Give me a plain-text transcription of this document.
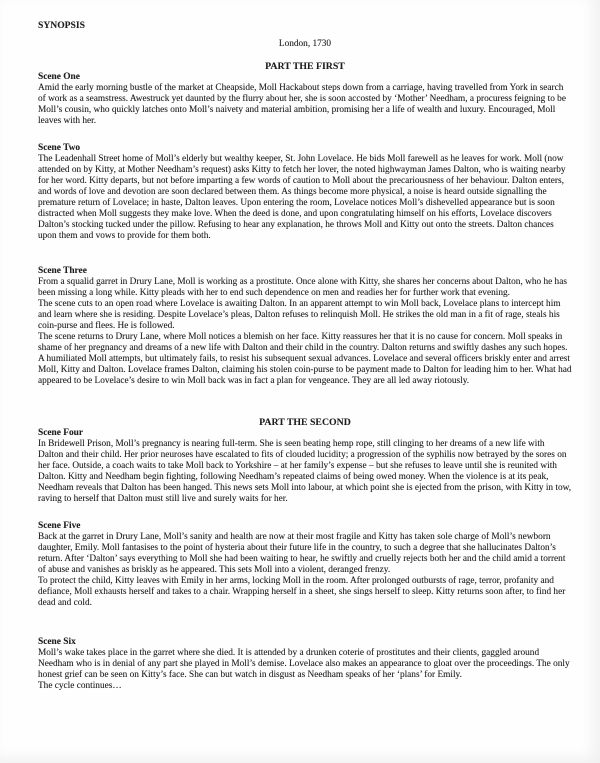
SYNOPSIS
London, 1730
PART THE FIRST
Scene One

Amid the early morning bustle of the market at Cheapside, Moll Hackabout steps down from a carriage, having travelled from York in search of work as a seamstress. Awestruck yet daunted by the flurry about her, she is soon accosted by ‘Mother’ Needham, a procuress feigning to be Moll’s cousin, who quickly latches onto Moll’s naivety and material ambition, promising her a life of wealth and luxury. Encouraged, Moll leaves with her.

Scene Two

The Leadenhall Street home of Moll’s elderly but wealthy keeper, St. John Lovelace. He bids Moll farewell as he leaves for work. Moll (now attended on by Kitty, at Mother Needham’s request) asks Kitty to fetch her lover, the noted highwayman James Dalton, who is waiting nearby for her word. Kitty departs, but not before imparting a few words of caution to Moll about the precariousness of her behaviour. Dalton enters, and words of love and devotion are soon declared between them. As things become more physical, a noise is heard outside signalling the premature return of Lovelace; in haste, Dalton leaves. Upon entering the room, Lovelace notices Moll’s dishevelled appearance but is soon distracted when Moll suggests they make love. When the deed is done, and upon congratulating himself on his efforts, Lovelace discovers Dalton’s stocking tucked under the pillow. Refusing to hear any explanation, he throws Moll and Kitty out onto the streets. Dalton chances upon them and vows to provide for them both.

Scene Three

From a squalid garret in Drury Lane, Moll is working as a prostitute. Once alone with Kitty, she shares her concerns about Dalton, who he has been missing a long while. Kitty pleads with her to end such dependence on men and readies her for further work that evening.

The scene cuts to an open road where Lovelace is awaiting Dalton. In an apparent attempt to win Moll back, Lovelace plans to intercept him and learn where she is residing. Despite Lovelace’s pleas, Dalton refuses to relinquish Moll. He strikes the old man in a fit of rage, steals his coin-purse and flees. He is followed.

The scene returns to Drury Lane, where Moll notices a blemish on her face. Kitty reassures her that it is no cause for concern. Moll speaks in shame of her pregnancy and dreams of a new life with Dalton and their child in the country. Dalton returns and swiftly dashes any such hopes. A humiliated Moll attempts, but ultimately fails, to resist his subsequent sexual advances. Lovelace and several officers briskly enter and arrest Moll, Kitty and Dalton. Lovelace frames Dalton, claiming his stolen coin-purse to be payment made to Dalton for leading him to her. What had appeared to be Lovelace’s desire to win Moll back was in fact a plan for vengeance. They are all led away riotously.

PART THE SECOND
Scene Four

In Bridewell Prison, Moll’s pregnancy is nearing full-term. She is seen beating hemp rope, still clinging to her dreams of a new life with Dalton and their child. Her prior neuroses have escalated to fits of clouded lucidity; a progression of the syphilis now betrayed by the sores on her face. Outside, a coach waits to take Moll back to Yorkshire – at her family’s expense – but she refuses to leave until she is reunited with Dalton. Kitty and Needham begin fighting, following Needham’s repeated claims of being owed money. When the violence is at its peak, Needham reveals that Dalton has been hanged. This news sets Moll into labour, at which point she is ejected from the prison, with Kitty in tow, raving to herself that Dalton must still live and surely waits for her.

Scene Five

Back at the garret in Drury Lane, Moll’s sanity and health are now at their most fragile and Kitty has taken sole charge of Moll’s newborn daughter, Emily. Moll fantasises to the point of hysteria about their future life in the country, to such a degree that she hallucinates Dalton’s return. After ‘Dalton’ says everything to Moll she had been waiting to hear, he swiftly and cruelly rejects both her and the child amid a torrent of abuse and vanishes as briskly as he appeared. This sets Moll into a violent, deranged frenzy.

To protect the child, Kitty leaves with Emily in her arms, locking Moll in the room. After prolonged outbursts of rage, terror, profanity and defiance, Moll exhausts herself and takes to a chair. Wrapping herself in a sheet, she sings herself to sleep. Kitty returns soon after, to find her dead and cold.

Scene Six

Moll’s wake takes place in the garret where she died. It is attended by a drunken coterie of prostitutes and their clients, gaggled around Needham who is in denial of any part she played in Moll’s demise. Lovelace also makes an appearance to gloat over the proceedings. The only honest grief can be seen on Kitty’s face. She can but watch in disgust as Needham speaks of her ‘plans’ for Emily.

The cycle continues…
